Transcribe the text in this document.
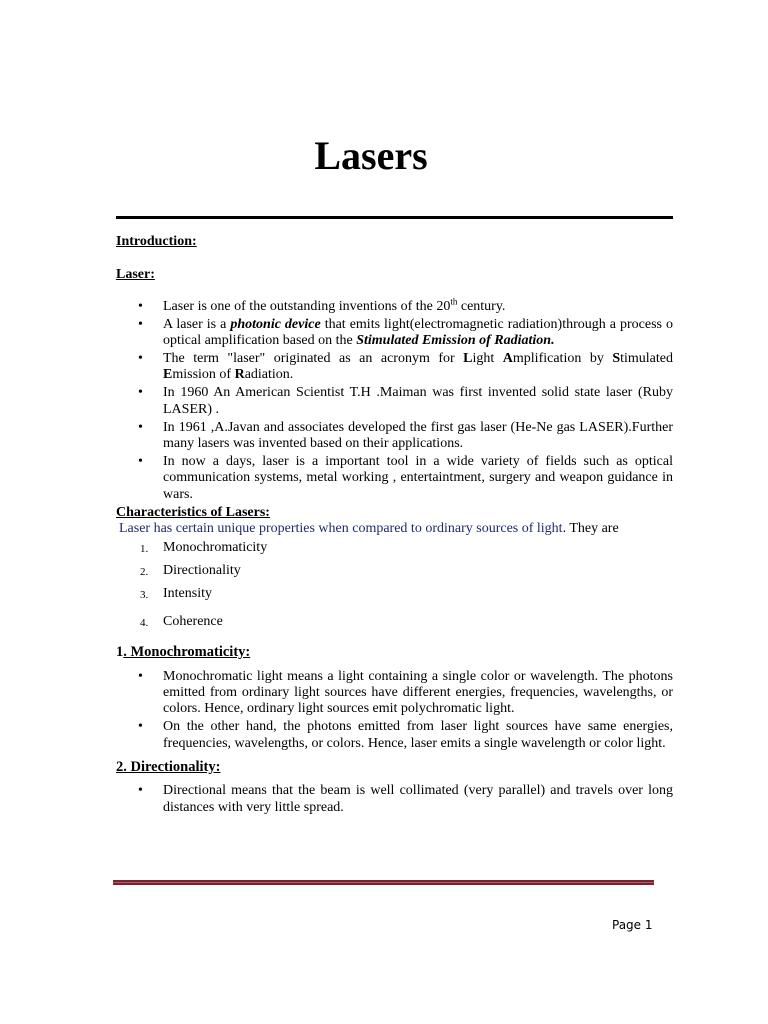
Lasers

Introduction:

Laser:

• Laser is one of the outstanding inventions of the 20th century.
• A laser is a photonic device that emits light(electromagnetic radiation)through a process o optical amplification based on the Stimulated Emission of Radiation.
• The term "laser" originated as an acronym for Light Amplification by Stimulated Emission of Radiation.
• In 1960 An American Scientist T.H .Maiman was first invented solid state laser (Ruby LASER) .
• In 1961 ,A.Javan and associates developed the first gas laser (He-Ne gas LASER).Further many lasers was invented based on their applications.
• In now a days, laser is a important tool in a wide variety of fields such as optical communication systems, metal working , entertaintment, surgery and weapon guidance in wars.

Characteristics of Lasers:

Laser has certain unique properties when compared to ordinary sources of light. They are

1. Monochromaticity
2. Directionality
3. Intensity
4. Coherence

1. Monochromaticity:

• Monochromatic light means a light containing a single color or wavelength. The photons emitted from ordinary light sources have different energies, frequencies, wavelengths, or colors. Hence, ordinary light sources emit polychromatic light.
• On the other hand, the photons emitted from laser light sources have same energies, frequencies, wavelengths, or colors. Hence, laser emits a single wavelength or color light.

2. Directionality:

• Directional means that the beam is well collimated (very parallel) and travels over long distances with very little spread.
Page 1
